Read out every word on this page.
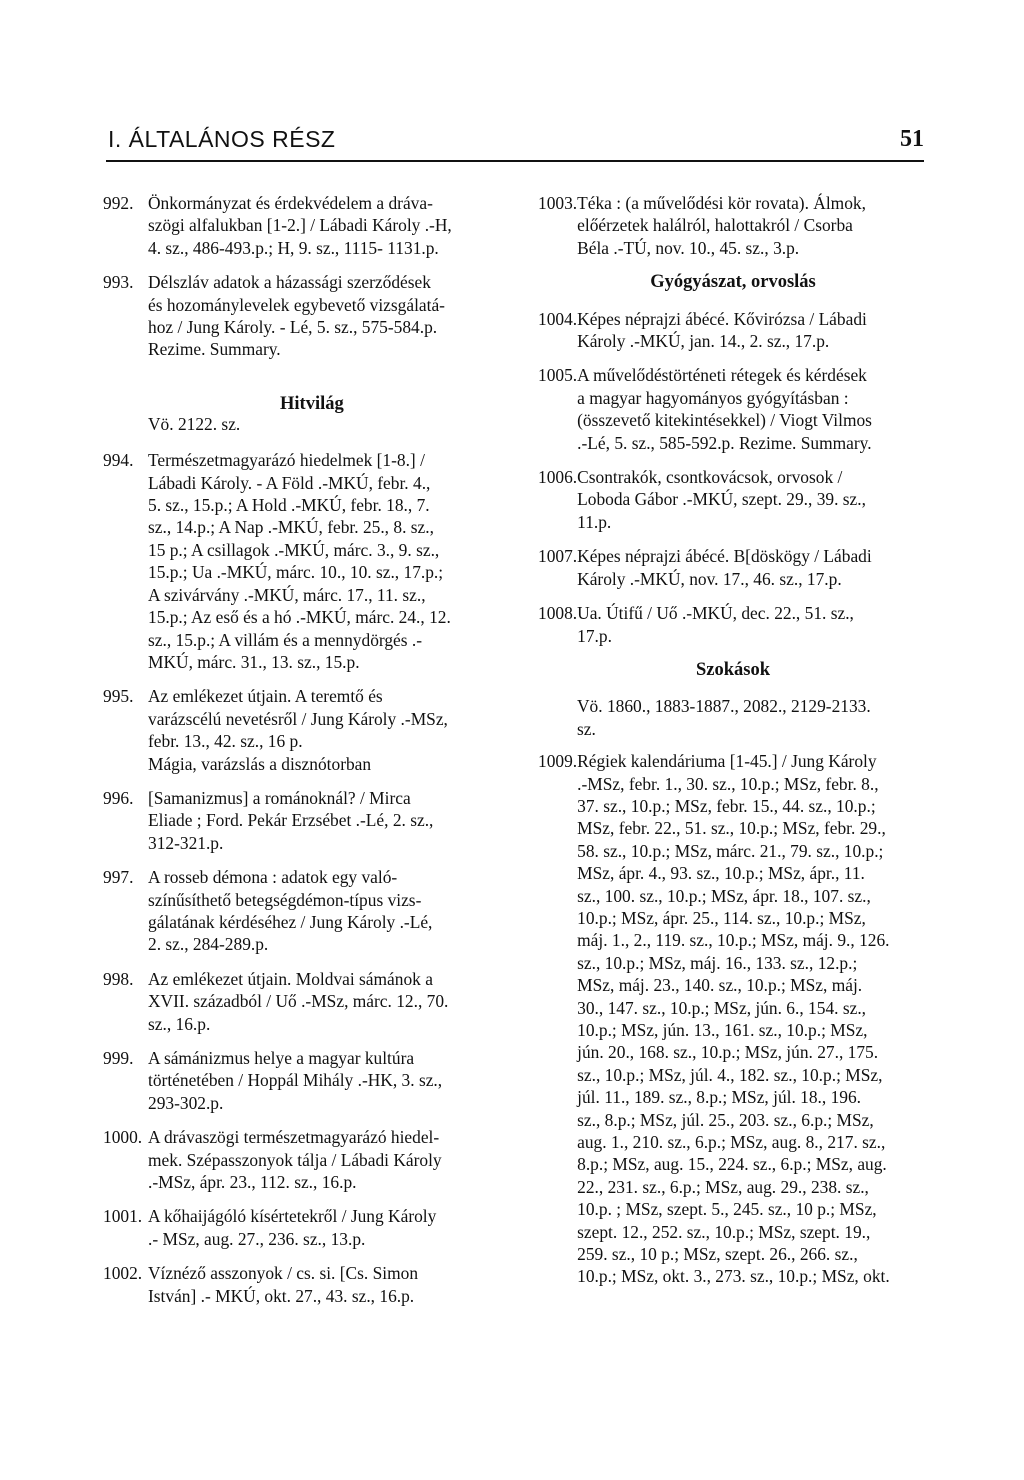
I. ÁLTALÁNOS RÉSZ	51
992. Önkormányzat és érdekvédelem a dráva-
szögi alfalukban [1-2.] / Lábadi Károly .-H,
4. sz., 486-493.p.; H, 9. sz., 1115- 1131.p.
993. Délszláv adatok a házassági szerződések
és hozománylevelek egybevető vizsgálatá-
hoz / Jung Károly. - Lé, 5. sz., 575-584.p.
Rezime. Summary.
Vö. 2122. sz.
994. Természetmagyarázó hiedelmek [1-8.] /
Lábadi Károly. - A Föld .-MKÚ, febr. 4.,
5. sz., 15.p.; A Hold .-MKÚ, febr. 18., 7.
sz., 14.p.; A Nap .-MKÚ, febr. 25., 8. sz.,
15 p.; A csillagok .-MKÚ, márc. 3., 9. sz.,
15.p.; Ua .-MKÚ, márc. 10., 10. sz., 17.p.;
A szivárvány .-MKÚ, márc. 17., 11. sz.,
15.p.; Az eső és a hó .-MKÚ, márc. 24., 12.
sz., 15.p.; A villám és a mennydörgés .-
MKÚ, márc. 31., 13. sz., 15.p.
995. Az emlékezet útjain. A teremtő és
varázscélú nevetésről / Jung Károly .-MSz,
febr. 13., 42. sz., 16 p.
Mágia, varázslás a disznótorban
996. [Samanizmus] a románoknál? / Mirca
Eliade ; Ford. Pekár Erzsébet .-Lé, 2. sz.,
312-321.p.
997. A rosseb démona : adatok egy való-
színűsíthető betegségdémon-típus vizs-
gálatának kérdéséhez / Jung Károly .-Lé,
2. sz., 284-289.p.
998. Az emlékezet útjain. Moldvai sámánok a
XVII. századból / Uő .-MSz, márc. 12., 70.
sz., 16.p.
999. A sámánizmus helye a magyar kultúra
történetében / Hoppál Mihály .-HK, 3. sz.,
293-302.p.
1000. A drávaszögi természetmagyarázó hiedel-
mek. Szépasszonyok tálja / Lábadi Károly
.-MSz, ápr. 23., 112. sz., 16.p.
1001. A kőhaijágóló kísértetekről / Jung Károly
.- MSz, aug. 27., 236. sz., 13.p.
1002. Víznéző asszonyok / cs. si. [Cs. Simon
István] .- MKÚ, okt. 27., 43. sz., 16.p.
Hitvilág
1003. Téka : (a művelődési kör rovata). Álmok,
előérzetek halálról, halottakról / Csorba
Béla .-TÚ, nov. 10., 45. sz., 3.p.
Gyógyászat, orvoslás
1004. Képes néprajzi ábécé. Kővirózsa / Lábadi
Károly .-MKÚ, jan. 14., 2. sz., 17.p.
1005. A művelődéstörténeti rétegek és kérdések
a magyar hagyományos gyógyításban :
(összevető kitekintésekkel) / Viogt Vilmos
.-Lé, 5. sz., 585-592.p. Rezime. Summary.
1006. Csontrakók, csontkovácsok, orvosok /
Loboda Gábor .-MKÚ, szept. 29., 39. sz.,
11.p.
1007. Képes néprajzi ábécé. B[döskögy / Lábadi
Károly .-MKÚ, nov. 17., 46. sz., 17.p.
1008. Ua. Útifű / Uő .-MKÚ, dec. 22., 51. sz.,
17.p.
Szokások
Vö. 1860., 1883-1887., 2082., 2129-2133.
sz.
1009. Régiek kalendáriuma [1-45.] / Jung Károly
.-MSz, febr. 1., 30. sz., 10.p.; MSz, febr. 8.,
37. sz., 10.p.; MSz, febr. 15., 44. sz., 10.p.;
MSz, febr. 22., 51. sz., 10.p.; MSz, febr. 29.,
58. sz., 10.p.; MSz, márc. 21., 79. sz., 10.p.;
MSz, ápr. 4., 93. sz., 10.p.; MSz, ápr., 11.
sz., 100. sz., 10.p.; MSz, ápr. 18., 107. sz.,
10.p.; MSz, ápr. 25., 114. sz., 10.p.; MSz,
máj. 1., 2., 119. sz., 10.p.; MSz, máj. 9., 126.
sz., 10.p.; MSz, máj. 16., 133. sz., 12.p.;
MSz, máj. 23., 140. sz., 10.p.; MSz, máj.
30., 147. sz., 10.p.; MSz, jún. 6., 154. sz.,
10.p.; MSz, jún. 13., 161. sz., 10.p.; MSz,
jún. 20., 168. sz., 10.p.; MSz, jún. 27., 175.
sz., 10.p.; MSz, júl. 4., 182. sz., 10.p.; MSz,
júl. 11., 189. sz., 8.p.; MSz, júl. 18., 196.
sz., 8.p.; MSz, júl. 25., 203. sz., 6.p.; MSz,
aug. 1., 210. sz., 6.p.; MSz, aug. 8., 217. sz.,
8.p.; MSz, aug. 15., 224. sz., 6.p.; MSz, aug.
22., 231. sz., 6.p.; MSz, aug. 29., 238. sz.,
10.p. ; MSz, szept. 5., 245. sz., 10 p.; MSz,
szept. 12., 252. sz., 10.p.; MSz, szept. 19.,
259. sz., 10 p.; MSz, szept. 26., 266. sz.,
10.p.; MSz, okt. 3., 273. sz., 10.p.; MSz, okt.
